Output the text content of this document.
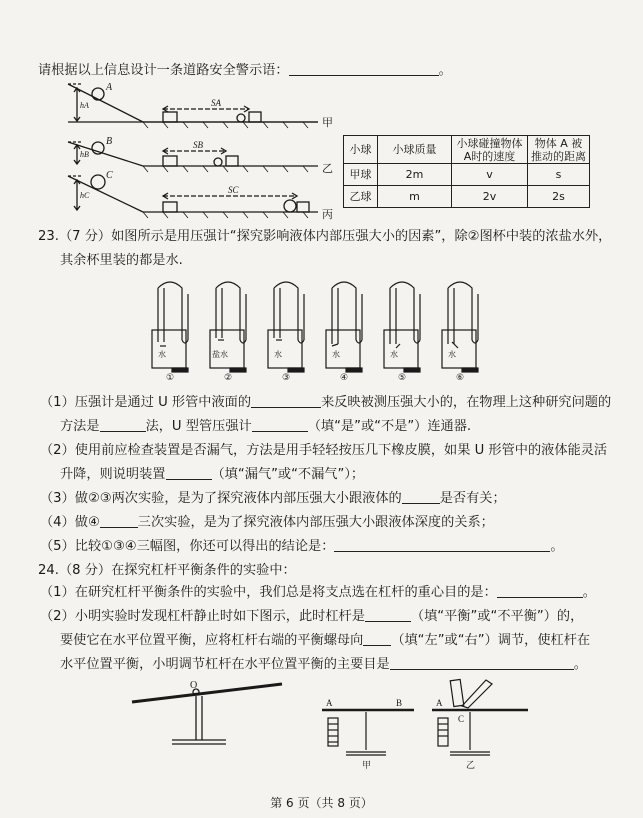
请根据以上信息设计一条道路安全警示语：	。
A
B
C
hA
hB
hC
SA
SB
SC
甲
乙
丙
小球	小球质量	小球碰撞物体A时的速度	物体 A 被推动的距离
甲球	2m	v	s
乙球	m	2v	2s
23.（7 分）如图所示是用压强计“探究影响液体内部压强大小的因素”，除②图杯中装的浓盐水外，
其余杯里装的都是水.
水	盐水	水	水	水	水
①	②	③	④	⑤	⑥
（1）压强计是通过 U 形管中液面的	来反映被测压强大小的，在物理上这种研究问题的
方法是	法，U 型管压强计	（填“是”或“不是”）连通器.
（2）使用前应检查装置是否漏气，方法是用手轻轻按压几下橡皮膜，如果 U 形管中的液体能灵活
升降，则说明装置	（填“漏气”或“不漏气”）；
（3）做②③两次实验，是为了探究液体内部压强大小跟液体的	是否有关；
（4）做④	三次实验，是为了探究液体内部压强大小跟液体深度的关系；
（5）比较①③④三幅图，你还可以得出的结论是：	。
24.（8 分）在探究杠杆平衡条件的实验中：
（1）在研究杠杆平衡条件的实验中，我们总是将支点选在杠杆的重心目的是：	。
（2）小明实验时发现杠杆静止时如下图示，此时杠杆是	（填“平衡”或“不平衡”）的，
要使它在水平位置平衡，应将杠杆右端的平衡螺母向 （填“左”或“右”）调节，使杠杆在
水平位置平衡，小明调节杠杆在水平位置平衡的主要目是	。
O
A	B
甲
A
C
乙
第 6 页（共 8 页）
